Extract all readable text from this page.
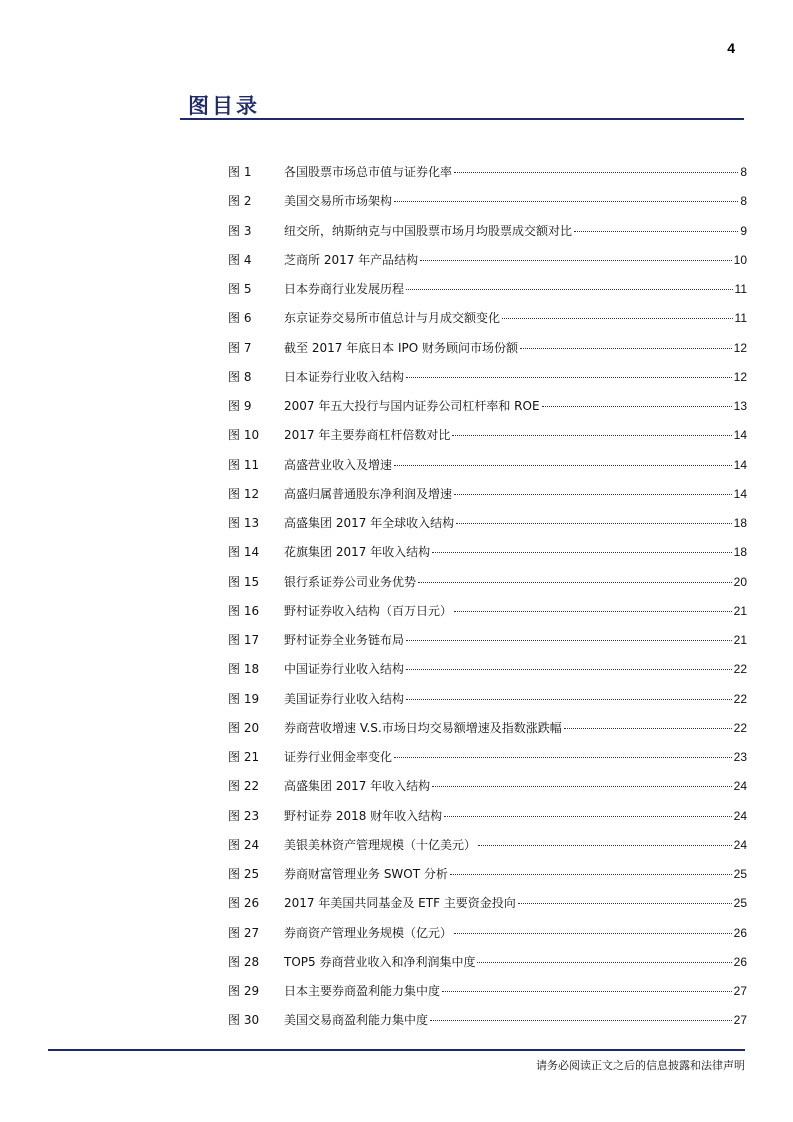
4
图目录
图 1	各国股票市场总市值与证券化率	8
图 2	美国交易所市场架构	8
图 3	纽交所，纳斯纳克与中国股票市场月均股票成交额对比	9
图 4	芝商所 2017 年产品结构	10
图 5	日本券商行业发展历程	11
图 6	东京证券交易所市值总计与月成交额变化	11
图 7	截至 2017 年底日本 IPO 财务顾问市场份额	12
图 8	日本证券行业收入结构	12
图 9	2007 年五大投行与国内证券公司杠杆率和 ROE	13
图 10	2017 年主要券商杠杆倍数对比	14
图 11	高盛营业收入及增速	14
图 12	高盛归属普通股东净利润及增速	14
图 13	高盛集团 2017 年全球收入结构	18
图 14	花旗集团 2017 年收入结构	18
图 15	银行系证券公司业务优势	20
图 16	野村证券收入结构（百万日元）	21
图 17	野村证券全业务链布局	21
图 18	中国证券行业收入结构	22
图 19	美国证券行业收入结构	22
图 20	券商营收增速 V.S.市场日均交易额增速及指数涨跌幅	22
图 21	证券行业佣金率变化	23
图 22	高盛集团 2017 年收入结构	24
图 23	野村证券 2018 财年收入结构	24
图 24	美银美林资产管理规模（十亿美元）	24
图 25	券商财富管理业务 SWOT 分析	25
图 26	2017 年美国共同基金及 ETF 主要资金投向	25
图 27	券商资产管理业务规模（亿元）	26
图 28	TOP5 券商营业收入和净利润集中度	26
图 29	日本主要券商盈利能力集中度	27
图 30	美国交易商盈利能力集中度	27
请务必阅读正文之后的信息披露和法律声明
